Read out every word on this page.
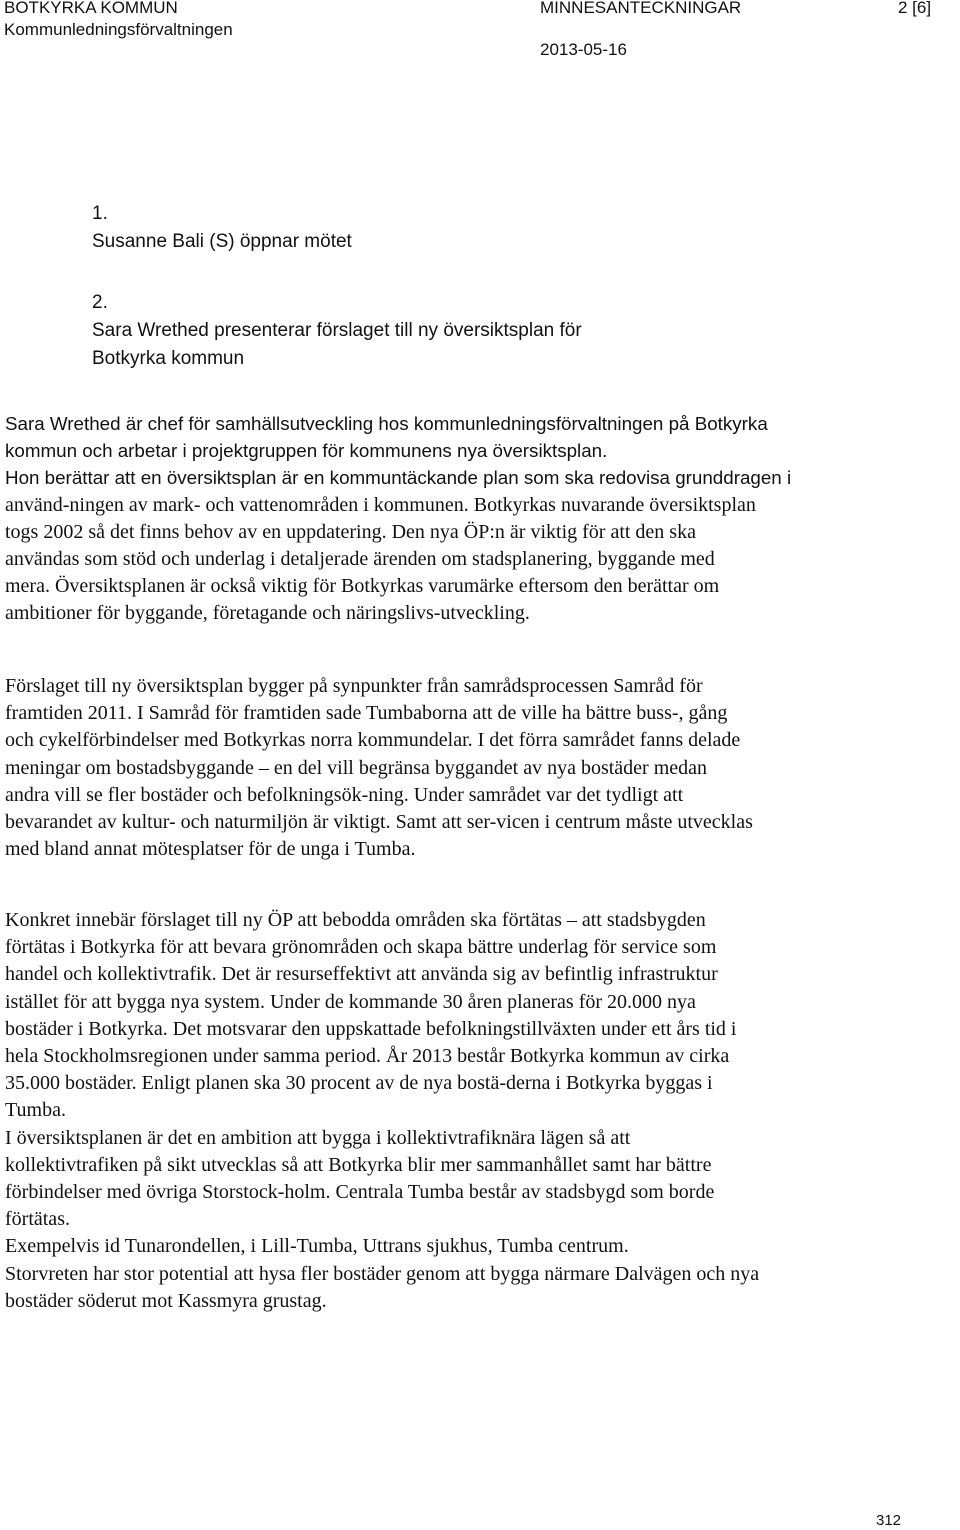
BOTKYRKA KOMMUN
Kommunledningsförvaltningen
MINNESANTECKNINGAR	2 [6]
2013-05-16
1.
Susanne Bali (S) öppnar mötet
2.
Sara Wrethed presenterar förslaget till ny översiktsplan för
Botkyrka kommun
Sara Wrethed är chef för samhällsutveckling hos kommunledningsförvaltningen på Botkyrka
kommun och arbetar i projektgruppen för kommunens nya översiktsplan.
Hon berättar att en översiktsplan är en kommuntäckande plan som ska redovisa grunddragen i
använd-ningen av mark- och vattenområden i kommunen. Botkyrkas nuvarande översiktsplan
togs 2002 så det finns behov av en uppdatering. Den nya ÖP:n är viktig för att den ska
användas som stöd och underlag i detaljerade ärenden om stadsplanering, byggande med
mera. Översiktsplanen är också viktig för Botkyrkas varumärke eftersom den berättar om
ambitioner för byggande, företagande och näringslivs-utveckling.
Förslaget till ny översiktsplan bygger på synpunkter från samrådsprocessen Samråd för
framtiden 2011. I Samråd för framtiden sade Tumbaborna att de ville ha bättre buss-, gång
och cykelförbindelser med Botkyrkas norra kommundelar. I det förra samrådet fanns delade
meningar om bostadsbyggande – en del vill begränsa byggandet av nya bostäder medan
andra vill se fler bostäder och befolkningsök-ning. Under samrådet var det tydligt att
bevarandet av kultur- och naturmiljön är viktigt. Samt att ser-vicen i centrum måste utvecklas
med bland annat mötesplatser för de unga i Tumba.
Konkret innebär förslaget till ny ÖP att bebodda områden ska förtätas – att stadsbygden
förtätas i Botkyrka för att bevara grönområden och skapa bättre underlag för service som
handel och kollektivtrafik. Det är resurseffektivt att använda sig av befintlig infrastruktur
istället för att bygga nya system. Under de kommande 30 åren planeras för 20.000 nya
bostäder i Botkyrka. Det motsvarar den uppskattade befolkningstillväxten under ett års tid i
hela Stockholmsregionen under samma period. År 2013 består Botkyrka kommun av cirka
35.000 bostäder. Enligt planen ska 30 procent av de nya bostä-derna i Botkyrka byggas i
Tumba.
I översiktsplanen är det en ambition att bygga i kollektivtrafiknära lägen så att
kollektivtrafiken på sikt utvecklas så att Botkyrka blir mer sammanhållet samt har bättre
förbindelser med övriga Storstock-holm. Centrala Tumba består av stadsbygd som borde
förtätas.
Exempelvis id Tunarondellen, i Lill-Tumba, Uttrans sjukhus, Tumba centrum.
Storvreten har stor potential att hysa fler bostäder genom att bygga närmare Dalvägen och nya
bostäder söderut mot Kassmyra grustag.
312
